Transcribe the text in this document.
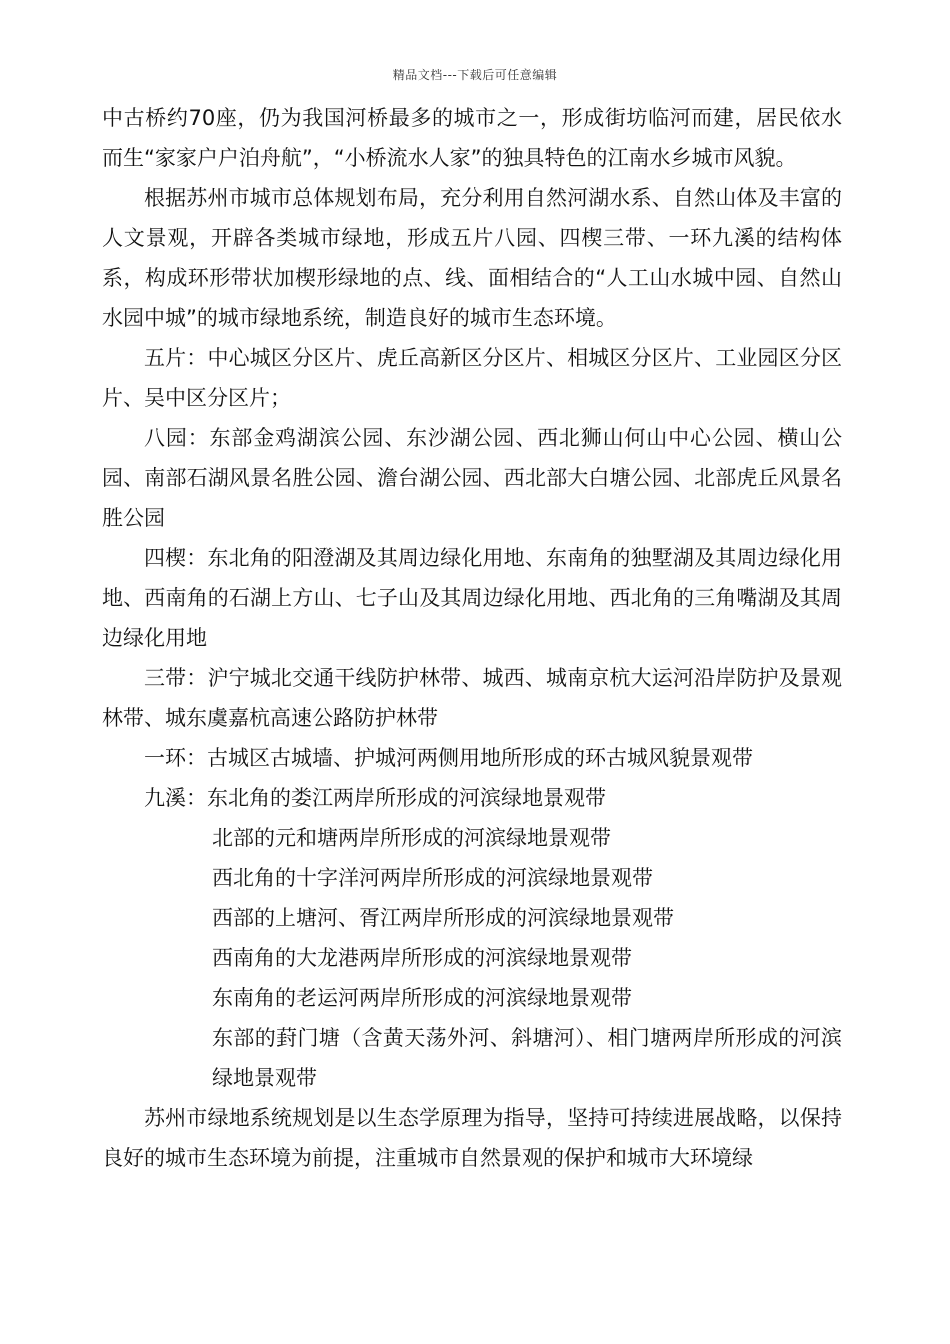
精品文档---下载后可任意编辑

中古桥约70座，仍为我国河桥最多的城市之一，形成街坊临河而建，居民依水而生“家家户户泊舟航”，“小桥流水人家”的独具特色的江南水乡城市风貌。

根据苏州市城市总体规划布局，充分利用自然河湖水系、自然山体及丰富的人文景观，开辟各类城市绿地，形成五片八园、四楔三带、一环九溪的结构体系，构成环形带状加楔形绿地的点、线、面相结合的“人工山水城中园、自然山水园中城”的城市绿地系统，制造良好的城市生态环境。

五片：中心城区分区片、虎丘高新区分区片、相城区分区片、工业园区分区片、吴中区分区片；

八园：东部金鸡湖滨公园、东沙湖公园、西北狮山何山中心公园、横山公园、南部石湖风景名胜公园、澹台湖公园、西北部大白塘公园、北部虎丘风景名胜公园

四楔：东北角的阳澄湖及其周边绿化用地、东南角的独墅湖及其周边绿化用地、西南角的石湖上方山、七子山及其周边绿化用地、西北角的三角嘴湖及其周边绿化用地

三带：沪宁城北交通干线防护林带、城西、城南京杭大运河沿岸防护及景观林带、城东虞嘉杭高速公路防护林带

一环：古城区古城墙、护城河两侧用地所形成的环古城风貌景观带

九溪：东北角的娄江两岸所形成的河滨绿地景观带

北部的元和塘两岸所形成的河滨绿地景观带

西北角的十字洋河两岸所形成的河滨绿地景观带

西部的上塘河、胥江两岸所形成的河滨绿地景观带

西南角的大龙港两岸所形成的河滨绿地景观带

东南角的老运河两岸所形成的河滨绿地景观带

东部的葑门塘（含黄天荡外河、斜塘河）、相门塘两岸所形成的河滨绿地景观带

苏州市绿地系统规划是以生态学原理为指导，坚持可持续进展战略，以保持良好的城市生态环境为前提，注重城市自然景观的保护和城市大环境绿
